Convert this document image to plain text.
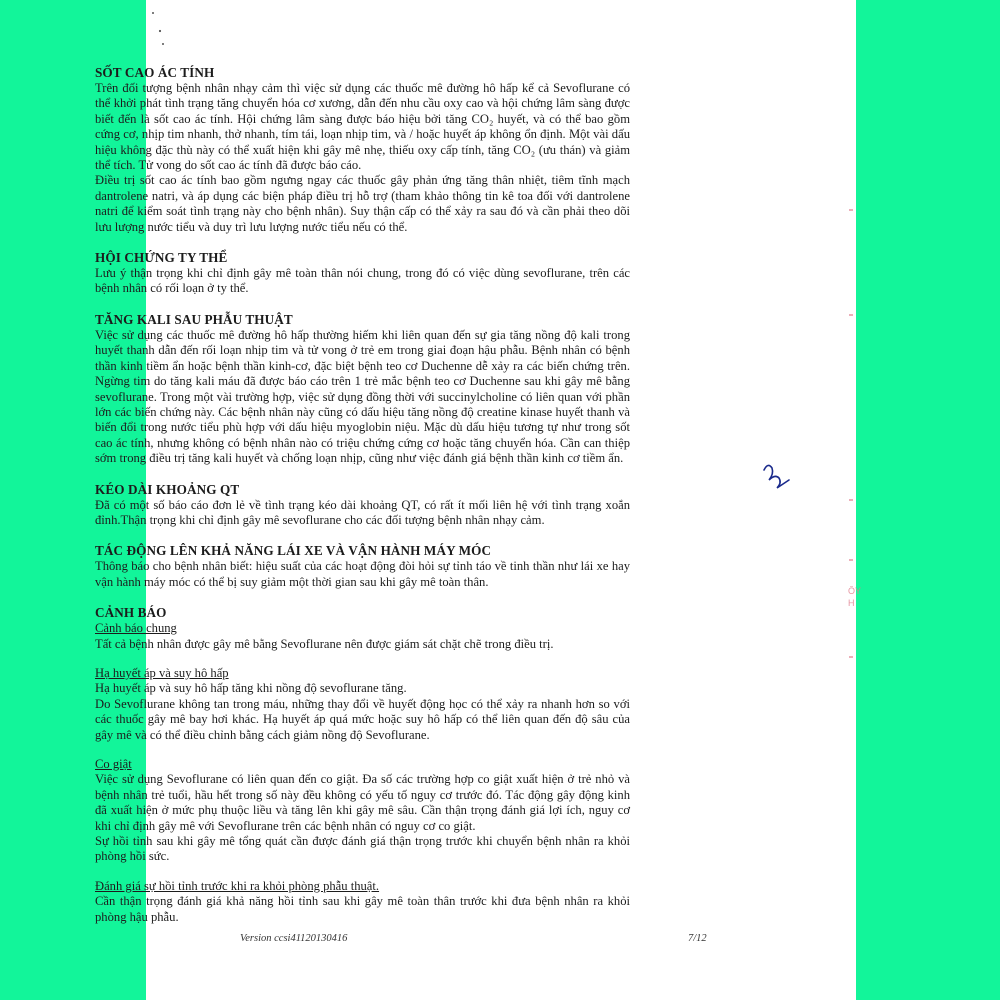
SỐT CAO ÁC TÍNH

Trên đối tượng bệnh nhân nhạy cảm thì việc sử dụng các thuốc mê đường hô hấp kể cả Sevoflurane có thể khởi phát tình trạng tăng chuyển hóa cơ xương, dẫn đến nhu cầu oxy cao và hội chứng lâm sàng được biết đến là sốt cao ác tính. Hội chứng lâm sàng được báo hiệu bởi tăng CO₂ huyết, và có thể bao gồm cứng cơ, nhịp tim nhanh, thở nhanh, tím tái, loạn nhịp tim, và / hoặc huyết áp không ổn định. Một vài dấu hiệu không đặc thù này có thể xuất hiện khi gây mê nhẹ, thiếu oxy cấp tính, tăng CO₂ (ưu thán) và giảm thể tích. Tử vong do sốt cao ác tính đã được báo cáo.

Điều trị sốt cao ác tính bao gồm ngưng ngay các thuốc gây phản ứng tăng thân nhiệt, tiêm tĩnh mạch dantrolene natri, và áp dụng các biện pháp điều trị hỗ trợ (tham khảo thông tin kê toa đối với dantrolene natri để kiểm soát tình trạng này cho bệnh nhân). Suy thận cấp có thể xảy ra sau đó và cần phải theo dõi lưu lượng nước tiểu và duy trì lưu lượng nước tiểu nếu có thể.

HỘI CHỨNG TY THỂ

Lưu ý thận trọng khi chỉ định gây mê toàn thân nói chung, trong đó có việc dùng sevoflurane, trên các bệnh nhân có rối loạn ở ty thể.

TĂNG KALI SAU PHẪU THUẬT

Việc sử dụng các thuốc mê đường hô hấp thường hiếm khi liên quan đến sự gia tăng nồng độ kali trong huyết thanh dẫn đến rối loạn nhịp tim và tử vong ở trẻ em trong giai đoạn hậu phẫu. Bệnh nhân có bệnh thần kinh tiềm ẩn hoặc bệnh thần kinh-cơ, đặc biệt bệnh teo cơ Duchenne dễ xảy ra các biến chứng trên. Ngừng tim do tăng kali máu đã được báo cáo trên 1 trẻ mắc bệnh teo cơ Duchenne sau khi gây mê bằng sevoflurane. Trong một vài trường hợp, việc sử dụng đồng thời với succinylcholine có liên quan với phần lớn các biến chứng này. Các bệnh nhân này cũng có dấu hiệu tăng nồng độ creatine kinase huyết thanh và biến đổi trong nước tiểu phù hợp với dấu hiệu myoglobin niệu. Mặc dù dấu hiệu tương tự như trong sốt cao ác tính, nhưng không có bệnh nhân nào có triệu chứng cứng cơ hoặc tăng chuyển hóa. Cần can thiệp sớm trong điều trị tăng kali huyết và chống loạn nhịp, cũng như việc đánh giá bệnh thần kinh cơ tiềm ẩn.

KÉO DÀI KHOẢNG QT

Đã có một số báo cáo đơn lẻ về tình trạng kéo dài khoảng QT, có rất ít mối liên hệ với tình trạng xoắn đỉnh.Thận trọng khi chỉ định gây mê sevoflurane cho các đối tượng bệnh nhân nhạy cảm.

TÁC ĐỘNG LÊN KHẢ NĂNG LÁI XE VÀ VẬN HÀNH MÁY MÓC

Thông báo cho bệnh nhân biết: hiệu suất của các hoạt động đòi hỏi sự tỉnh táo về tinh thần như lái xe hay vận hành máy móc có thể bị suy giảm một thời gian sau khi gây mê toàn thân.

CẢNH BÁO
Cảnh báo chung

Tất cả bệnh nhân được gây mê bằng Sevoflurane nên được giám sát chặt chẽ trong điều trị.

Hạ huyết áp và suy hô hấp

Hạ huyết áp và suy hô hấp tăng khi nồng độ sevoflurane tăng.

Do Sevoflurane không tan trong máu, những thay đổi về huyết động học có thể xảy ra nhanh hơn so với các thuốc gây mê bay hơi khác. Hạ huyết áp quá mức hoặc suy hô hấp có thể liên quan đến độ sâu của gây mê và có thể điều chỉnh bằng cách giảm nồng độ Sevoflurane.

Co giật

Việc sử dụng Sevoflurane có liên quan đến co giật. Đa số các trường hợp co giật xuất hiện ở trẻ nhỏ và bệnh nhân trẻ tuổi, hầu hết trong số này đều không có yếu tố nguy cơ trước đó. Tác động gây động kinh đã xuất hiện ở mức phụ thuộc liều và tăng lên khi gây mê sâu. Cần thận trọng đánh giá lợi ích, nguy cơ khi chỉ định gây mê với Sevoflurane trên các bệnh nhân có nguy cơ co giật.

Sự hồi tỉnh sau khi gây mê tổng quát cần được đánh giá thận trọng trước khi chuyển bệnh nhân ra khỏi phòng hồi sức.

Đánh giá sự hồi tỉnh trước khi ra khỏi phòng phẫu thuật.

Cần thận trọng đánh giá khả năng hồi tỉnh sau khi gây mê toàn thân trước khi đưa bệnh nhân ra khỏi phòng hậu phẫu.

Version ccsi41120130416	7/12
ÔY H
